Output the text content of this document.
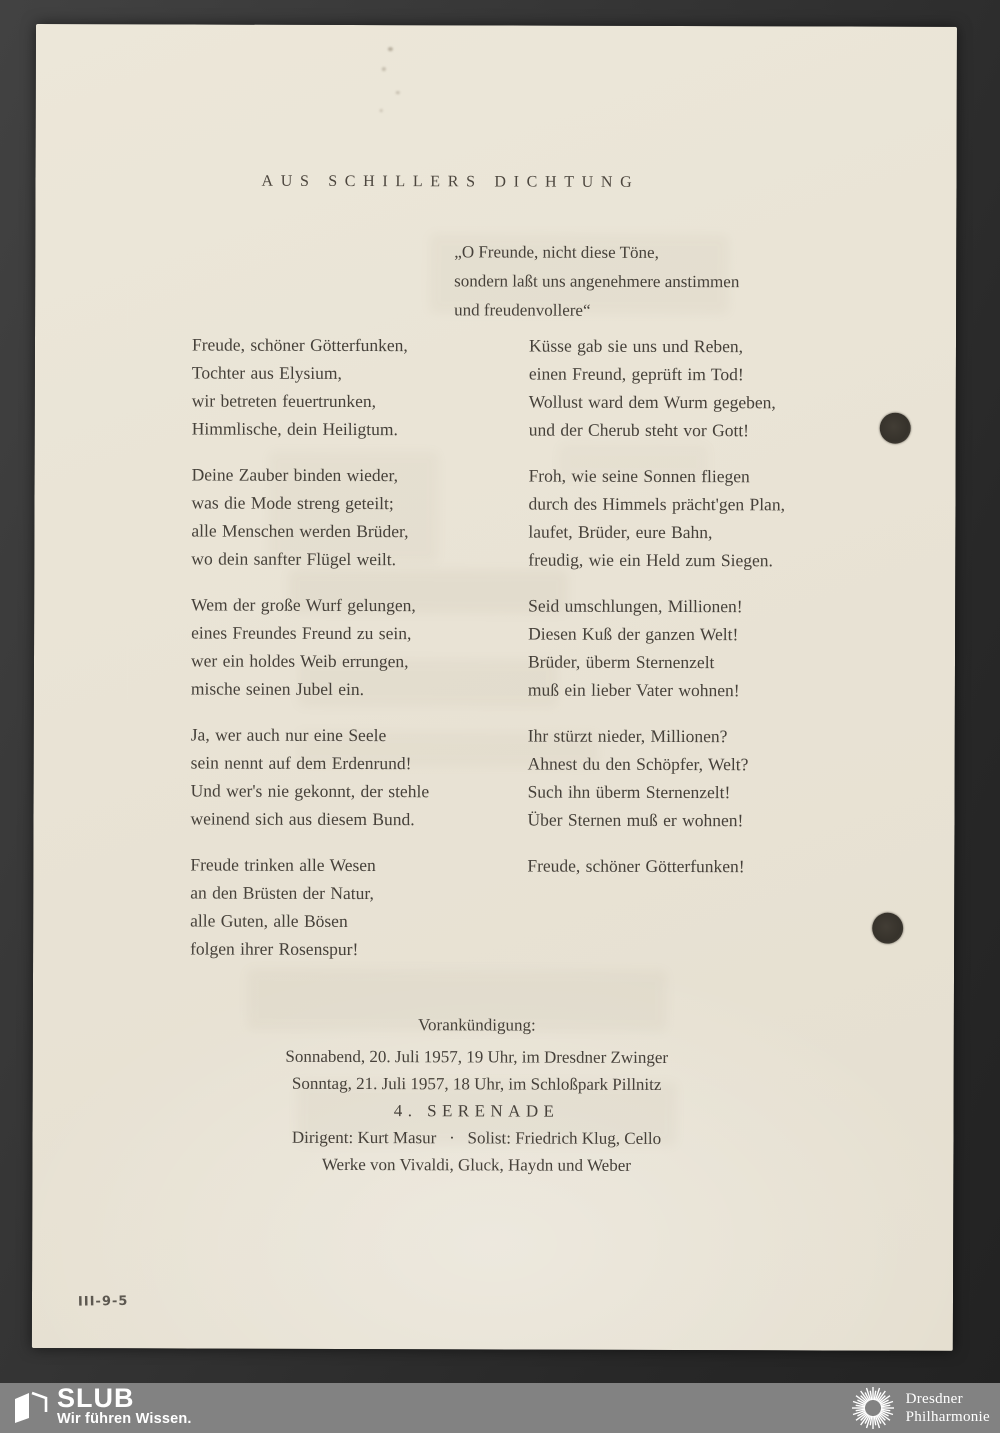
AUS SCHILLERS DICHTUNG
„O Freunde, nicht diese Töne,
sondern laßt uns angenehmere anstimmen
und freudenvollere“
Freude, schöner Götterfunken,
Tochter aus Elysium,
wir betreten feuertrunken,
Himmlische, dein Heiligtum.
Deine Zauber binden wieder,
was die Mode streng geteilt;
alle Menschen werden Brüder,
wo dein sanfter Flügel weilt.
Wem der große Wurf gelungen,
eines Freundes Freund zu sein,
wer ein holdes Weib errungen,
mische seinen Jubel ein.
Ja, wer auch nur eine Seele
sein nennt auf dem Erdenrund!
Und wer's nie gekonnt, der stehle
weinend sich aus diesem Bund.
Freude trinken alle Wesen
an den Brüsten der Natur,
alle Guten, alle Bösen
folgen ihrer Rosenspur!
Küsse gab sie uns und Reben,
einen Freund, geprüft im Tod!
Wollust ward dem Wurm gegeben,
und der Cherub steht vor Gott!
Froh, wie seine Sonnen fliegen
durch des Himmels prächt'gen Plan,
laufet, Brüder, eure Bahn,
freudig, wie ein Held zum Siegen.
Seid umschlungen, Millionen!
Diesen Kuß der ganzen Welt!
Brüder, überm Sternenzelt
muß ein lieber Vater wohnen!
Ihr stürzt nieder, Millionen?
Ahnest du den Schöpfer, Welt?
Such ihn überm Sternenzelt!
Über Sternen muß er wohnen!
Freude, schöner Götterfunken!
Vorankündigung:
Sonnabend, 20. Juli 1957, 19 Uhr, im Dresdner Zwinger
Sonntag, 21. Juli 1957, 18 Uhr, im Schloßpark Pillnitz
4. SERENADE
Dirigent: Kurt Masur   ·   Solist: Friedrich Klug, Cello
Werke von Vivaldi, Gluck, Haydn und Weber
III-9-5
SLUB
Wir führen Wissen.
Dresdner
Philharmonie
